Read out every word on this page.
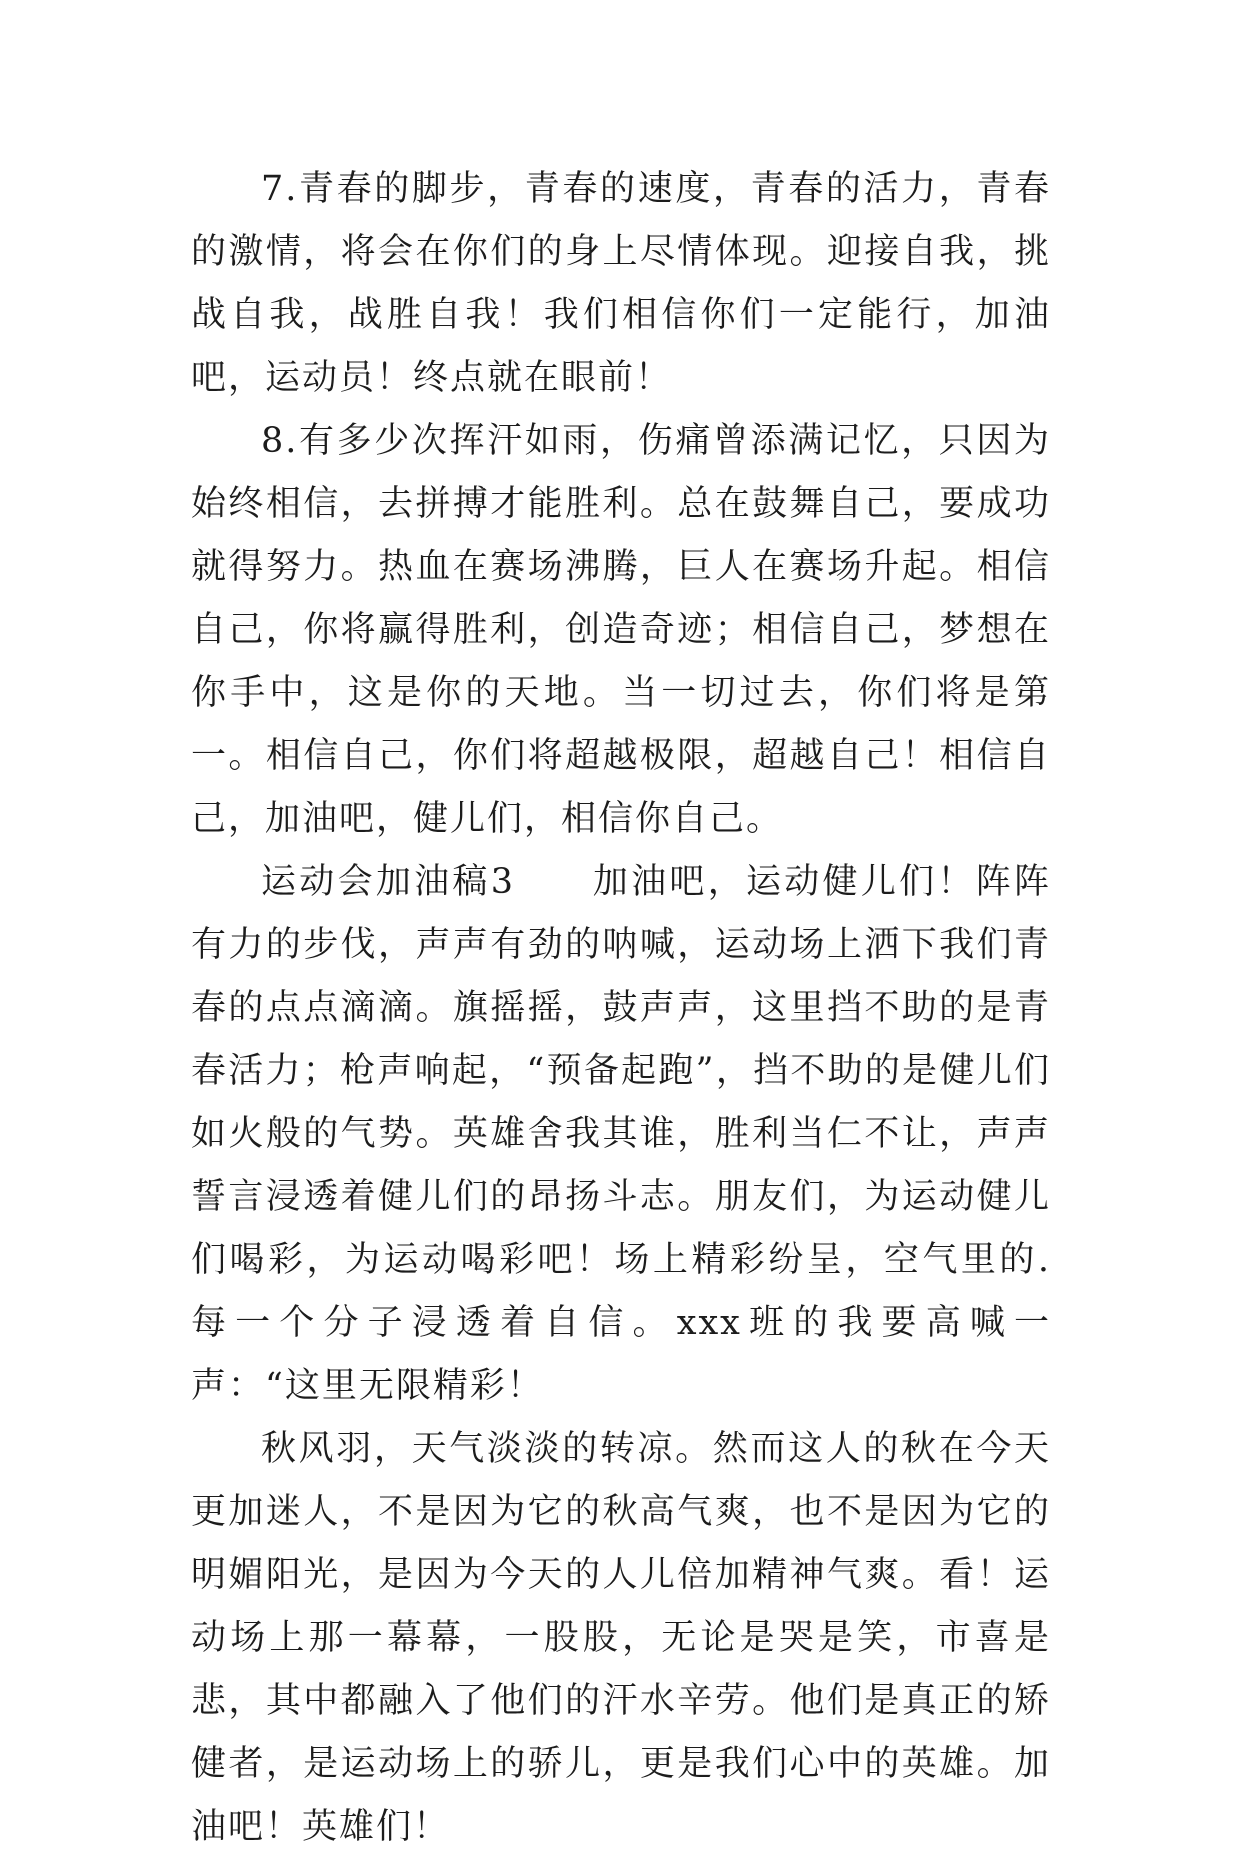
7.青春的脚步，青春的速度，青春的活力，青春的激情，将会在你们的身上尽情体现。迎接自我，挑战自我，战胜自我！我们相信你们一定能行，加油吧，运动员！终点就在眼前！

8.有多少次挥汗如雨，伤痛曾添满记忆，只因为始终相信，去拼搏才能胜利。总在鼓舞自己，要成功就得努力。热血在赛场沸腾，巨人在赛场升起。相信自己，你将赢得胜利，创造奇迹；相信自己，梦想在你手中，这是你的天地。当一切过去，你们将是第一。相信自己，你们将超越极限，超越自己！相信自己，加油吧，健儿们，相信你自己。

运动会加油稿3　　加油吧，运动健儿们！阵阵有力的步伐，声声有劲的呐喊，运动场上洒下我们青春的点点滴滴。旗摇摇，鼓声声，这里挡不助的是青春活力；枪声响起，“预备起跑”，挡不助的是健儿们如火般的气势。英雄舍我其谁，胜利当仁不让，声声誓言浸透着健儿们的昂扬斗志。朋友们，为运动健儿们喝彩，为运动喝彩吧！场上精彩纷呈，空气里的.每一个分子浸透着自信。xxx班的我要高喊一声：“这里无限精彩！

秋风羽，天气淡淡的转凉。然而这人的秋在今天更加迷人，不是因为它的秋高气爽，也不是因为它的明媚阳光，是因为今天的人儿倍加精神气爽。看！运动场上那一幕幕，一股股，无论是哭是笑，市喜是悲，其中都融入了他们的汗水辛劳。他们是真正的矫健者，是运动场上的骄儿，更是我们心中的英雄。加油吧！英雄们！
